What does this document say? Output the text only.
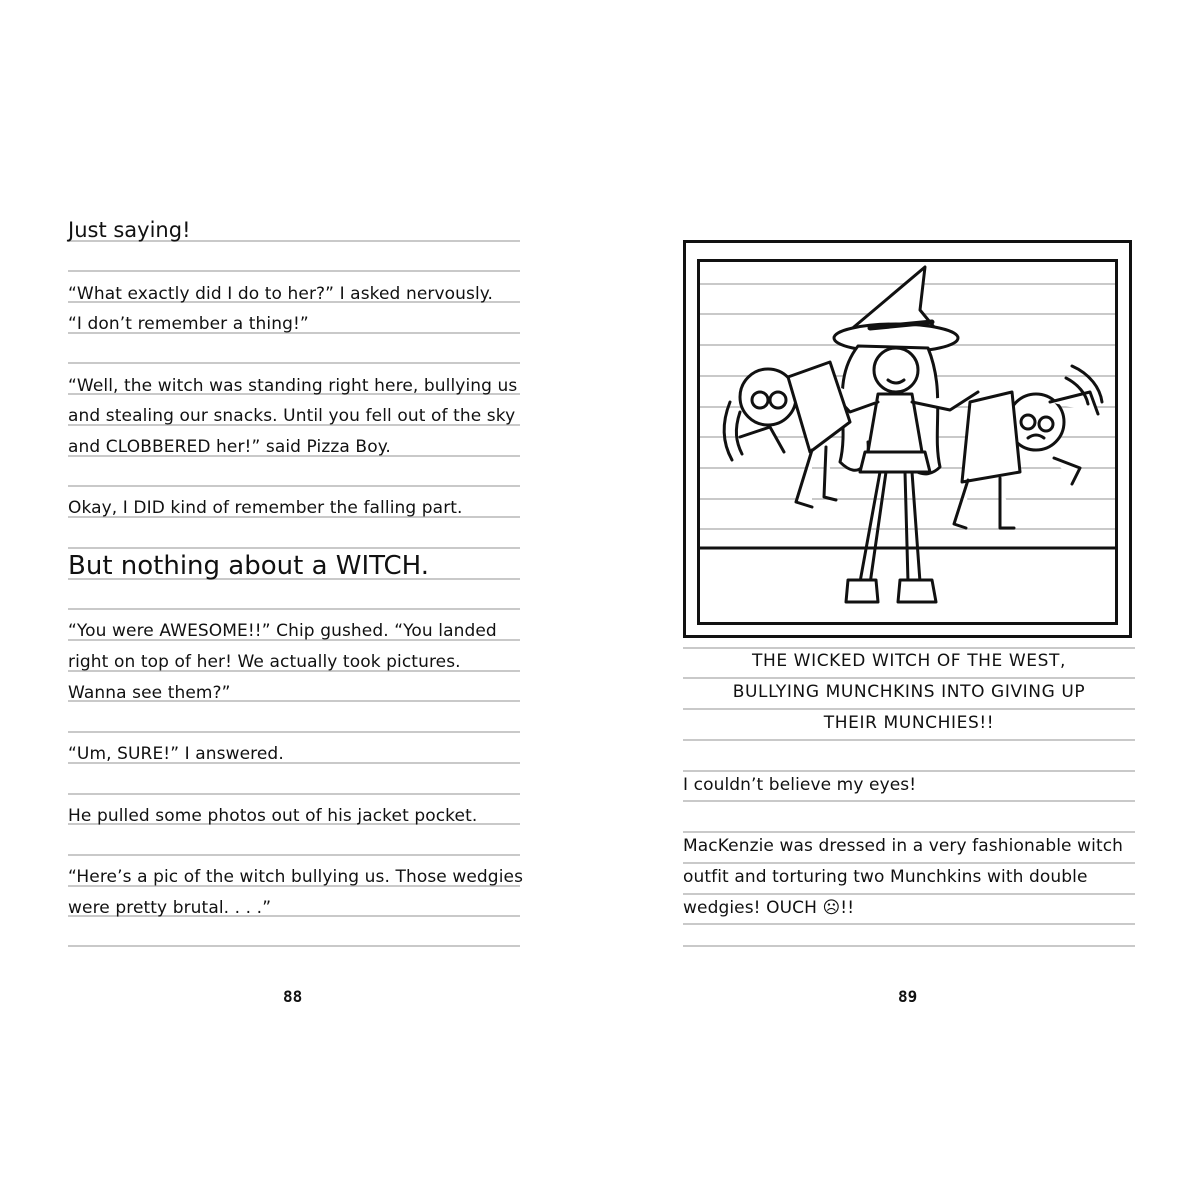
Just saying!
“What exactly did I do to her?” I asked nervously.
“I don’t remember a thing!”
“Well, the witch was standing right here, bullying us
and stealing our snacks. Until you fell out of the sky
and CLOBBERED her!” said Pizza Boy.
Okay, I DID kind of remember the falling part.
But nothing about a WITCH.
“You were AWESOME!!” Chip gushed. “You landed
right on top of her! We actually took pictures.
Wanna see them?”
“Um, SURE!” I answered.
He pulled some photos out of his jacket pocket.
“Here’s a pic of the witch bullying us. Those wedgies
were pretty brutal. . . .”
88
THE WICKED WITCH OF THE WEST,
BULLYING MUNCHKINS INTO GIVING UP
THEIR MUNCHIES!!
I couldn’t believe my eyes!
MacKenzie was dressed in a very fashionable witch
outfit and torturing two Munchkins with double
wedgies! OUCH ☹!!
89
